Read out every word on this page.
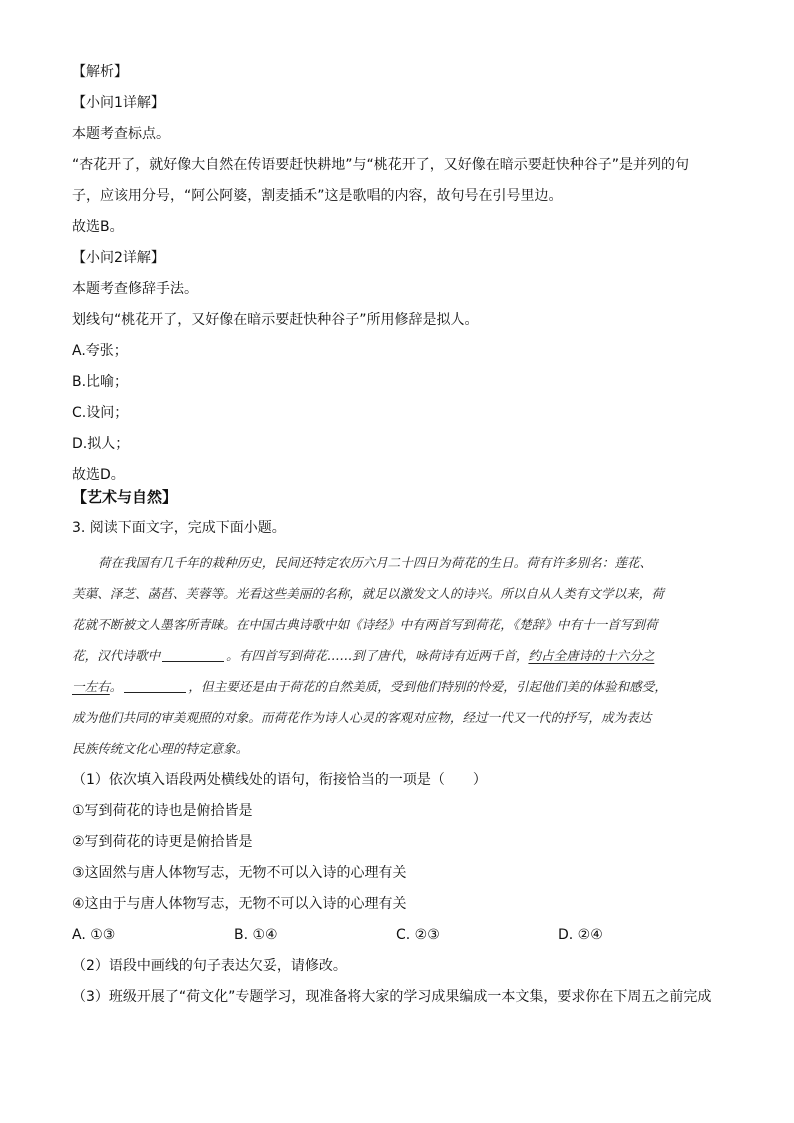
【解析】
【小问1详解】
本题考查标点。
“杏花开了，就好像大自然在传语要赶快耕地”与“桃花开了，又好像在暗示要赶快种谷子”是并列的句
子，应该用分号，“阿公阿婆，割麦插禾”这是歌唱的内容，故句号在引号里边。
故选B。
【小问2详解】
本题考查修辞手法。
划线句“桃花开了，又好像在暗示要赶快种谷子”所用修辞是拟人。
A.夸张；
B.比喻；
C.设问；
D.拟人；
故选D。
【艺术与自然】
3. 阅读下面文字，完成下面小题。
荷在我国有几千年的栽种历史，民间还特定农历六月二十四日为荷花的生日。荷有许多别名：莲花、
芙蕖、泽芝、菡萏、芙蓉等。光看这些美丽的名称，就足以激发文人的诗兴。所以自从人类有文学以来，荷
花就不断被文人墨客所青睐。在中国古典诗歌中如《诗经》中有两首写到荷花，《楚辞》中有十一首写到荷
花，汉代诗歌中	。有四首写到荷花……到了唐代，咏荷诗有近两千首，约占全唐诗的十六分之
一左右。	，但主要还是由于荷花的自然美质，受到他们特别的怜爱，引起他们美的体验和感受，
成为他们共同的审美观照的对象。而荷花作为诗人心灵的客观对应物，经过一代又一代的抒写，成为表达
民族传统文化心理的特定意象。
（1）依次填入语段两处横线处的语句，衔接恰当的一项是（　　）
①写到荷花的诗也是俯拾皆是
②写到荷花的诗更是俯拾皆是
③这固然与唐人体物写志，无物不可以入诗的心理有关
④这由于与唐人体物写志，无物不可以入诗的心理有关
A. ①③	B. ①④	C. ②③	D. ②④
（2）语段中画线的句子表达欠妥，请修改。
（3）班级开展了“荷文化”专题学习，现准备将大家的学习成果编成一本文集，要求你在下周五之前完成
